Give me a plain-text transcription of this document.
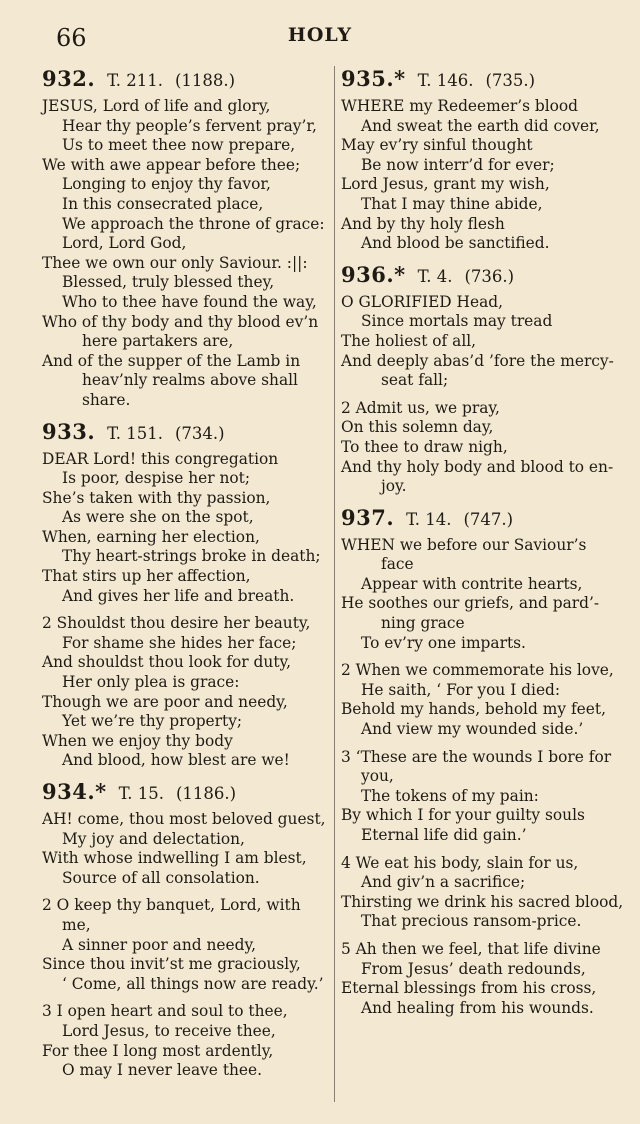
66	HOLY
932. T. 211. (1188.)
JESUS, Lord of life and glory,
Hear thy people’s fervent pray’r,
Us to meet thee now prepare,
We with awe appear before thee;
Longing to enjoy thy favor,
In this consecrated place,
We approach the throne of grace:
Lord, Lord God,
Thee we own our only Saviour. :||:
Blessed, truly blessed they,
Who to thee have found the way,
Who of thy body and thy blood ev’n
here partakers are,
And of the supper of the Lamb in
heav’nly realms above shall
share.
933. T. 151. (734.)
DEAR Lord! this congregation
Is poor, despise her not;
She’s taken with thy passion,
As were she on the spot,
When, earning her election,
Thy heart-strings broke in death;
That stirs up her affection,
And gives her life and breath.
2 Shouldst thou desire her beauty,
For shame she hides her face;
And shouldst thou look for duty,
Her only plea is grace:
Though we are poor and needy,
Yet we’re thy property;
When we enjoy thy body
And blood, how blest are we!
934.* T. 15. (1186.)
AH! come, thou most beloved guest,
My joy and delectation,
With whose indwelling I am blest,
Source of all consolation.
2 O keep thy banquet, Lord, with
me,
A sinner poor and needy,
Since thou invit’st me graciously,
‘ Come, all things now are ready.’
3 I open heart and soul to thee,
Lord Jesus, to receive thee,
For thee I long most ardently,
O may I never leave thee.
935.* T. 146. (735.)
WHERE my Redeemer’s blood
And sweat the earth did cover,
May ev’ry sinful thought
Be now interr’d for ever;
Lord Jesus, grant my wish,
That I may thine abide,
And by thy holy flesh
And blood be sanctified.
936.* T. 4. (736.)
O GLORIFIED Head,
Since mortals may tread
The holiest of all,
And deeply abas’d ’fore the mercy-
seat fall;
2 Admit us, we pray,
On this solemn day,
To thee to draw nigh,
And thy holy body and blood to en-
joy.
937. T. 14. (747.)
WHEN we before our Saviour’s
face
Appear with contrite hearts,
He soothes our griefs, and pard’-
ning grace
To ev’ry one imparts.
2 When we commemorate his love,
He saith, ‘ For you I died:
Behold my hands, behold my feet,
And view my wounded side.’
3 ‘These are the wounds I bore for
you,
The tokens of my pain:
By which I for your guilty souls
Eternal life did gain.’
4 We eat his body, slain for us,
And giv’n a sacrifice;
Thirsting we drink his sacred blood,
That precious ransom-price.
5 Ah then we feel, that life divine
From Jesus’ death redounds,
Eternal blessings from his cross,
And healing from his wounds.
